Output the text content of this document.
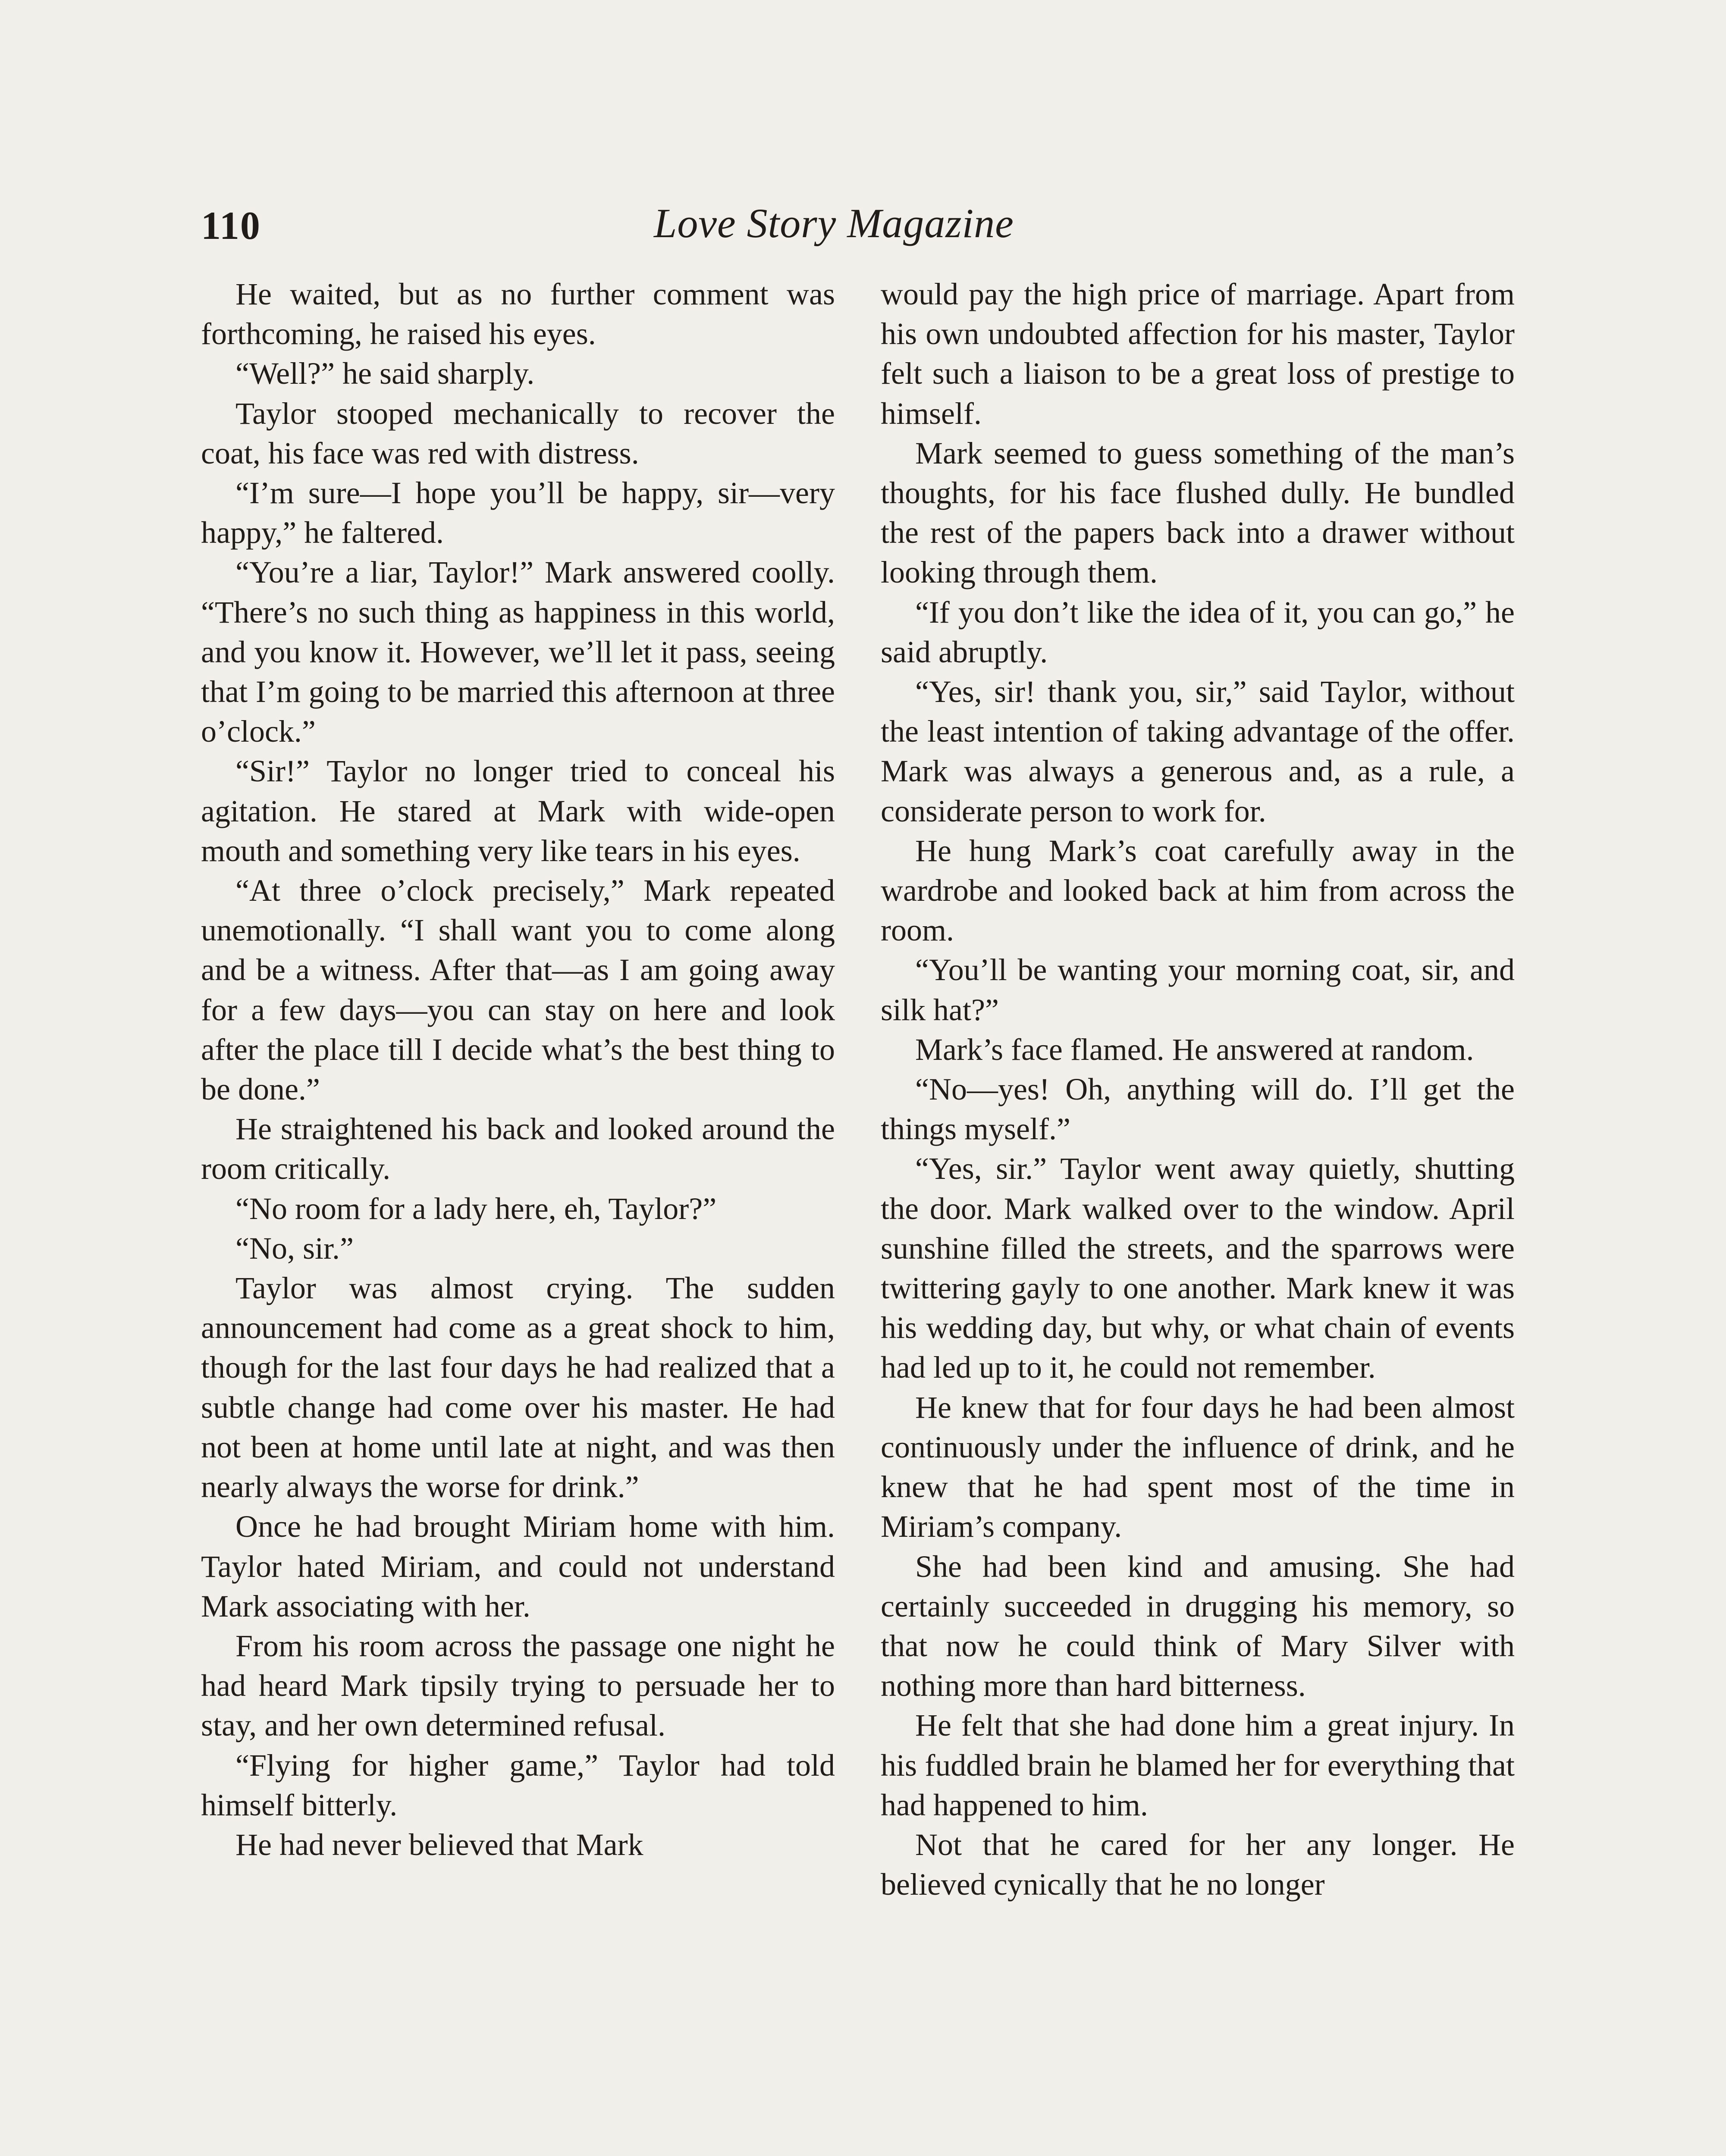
110	Love Story Magazine

He waited, but as no further comment was forthcoming, he raised his eyes.

“Well?” he said sharply.

Taylor stooped mechanically to recover the coat, his face was red with distress.

“I’m sure—I hope you’ll be happy, sir—very happy,” he faltered.

“You’re a liar, Taylor!” Mark answered coolly. “There’s no such thing as happiness in this world, and you know it. However, we’ll let it pass, seeing that I’m going to be married this afternoon at three o’clock.”

“Sir!” Taylor no longer tried to conceal his agitation. He stared at Mark with wide-open mouth and something very like tears in his eyes.

“At three o’clock precisely,” Mark repeated unemotionally. “I shall want you to come along and be a witness. After that—as I am going away for a few days—you can stay on here and look after the place till I decide what’s the best thing to be done.”

He straightened his back and looked around the room critically.

“No room for a lady here, eh, Taylor?”

“No, sir.”

Taylor was almost crying. The sudden announcement had come as a great shock to him, though for the last four days he had realized that a subtle change had come over his master. He had not been at home until late at night, and was then nearly always the worse for drink.”

Once he had brought Miriam home with him. Taylor hated Miriam, and could not understand Mark associating with her.

From his room across the passage one night he had heard Mark tipsily trying to persuade her to stay, and her own determined refusal.

“Flying for higher game,” Taylor had told himself bitterly.

He had never believed that Mark

would pay the high price of marriage. Apart from his own undoubted affection for his master, Taylor felt such a liaison to be a great loss of prestige to himself.

Mark seemed to guess something of the man’s thoughts, for his face flushed dully. He bundled the rest of the papers back into a drawer without looking through them.

“If you don’t like the idea of it, you can go,” he said abruptly.

“Yes, sir! thank you, sir,” said Taylor, without the least intention of taking advantage of the offer. Mark was always a generous and, as a rule, a considerate person to work for.

He hung Mark’s coat carefully away in the wardrobe and looked back at him from across the room.

“You’ll be wanting your morning coat, sir, and silk hat?”

Mark’s face flamed. He answered at random.

“No—yes! Oh, anything will do. I’ll get the things myself.”

“Yes, sir.” Taylor went away quietly, shutting the door. Mark walked over to the window. April sunshine filled the streets, and the sparrows were twittering gayly to one another. Mark knew it was his wedding day, but why, or what chain of events had led up to it, he could not remember.

He knew that for four days he had been almost continuously under the influence of drink, and he knew that he had spent most of the time in Miriam’s company.

She had been kind and amusing. She had certainly succeeded in drugging his memory, so that now he could think of Mary Silver with nothing more than hard bitterness.

He felt that she had done him a great injury. In his fuddled brain he blamed her for everything that had happened to him.

Not that he cared for her any longer. He believed cynically that he no longer
